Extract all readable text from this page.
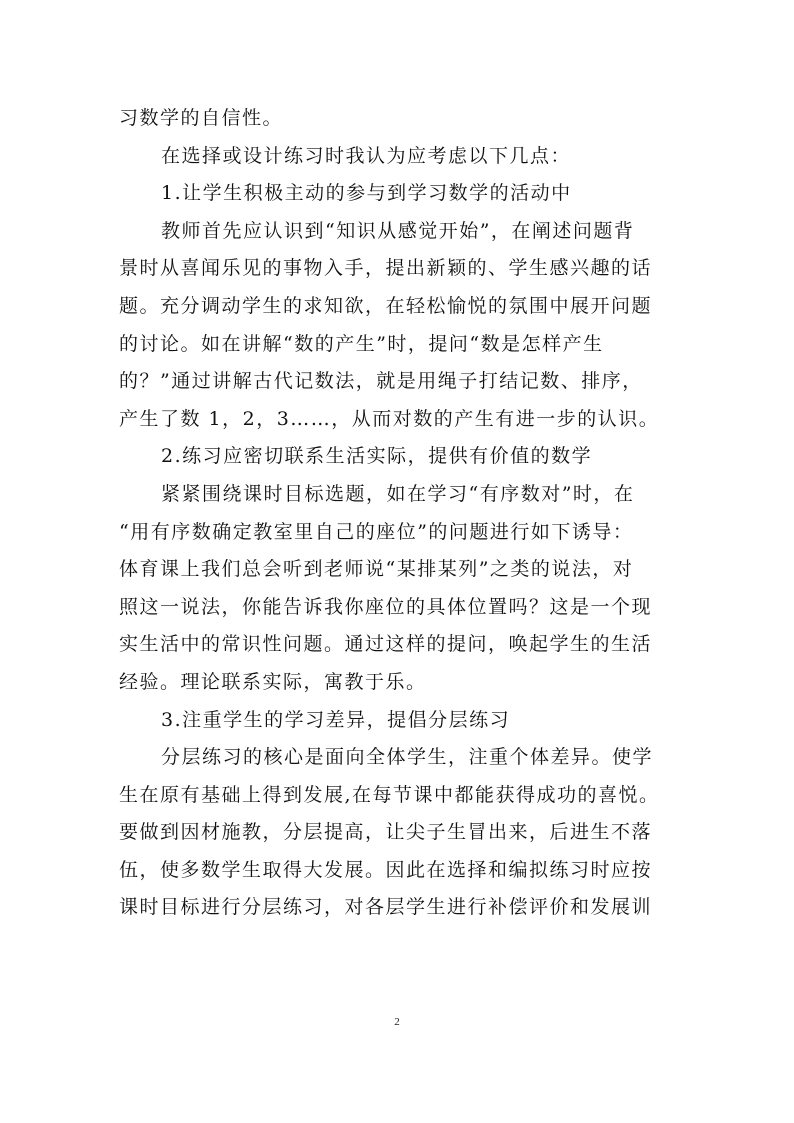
习数学的自信性。
在选择或设计练习时我认为应考虑以下几点：
1.让学生积极主动的参与到学习数学的活动中
教师首先应认识到“知识从感觉开始”，在阐述问题背
景时从喜闻乐见的事物入手，提出新颖的、学生感兴趣的话
题。充分调动学生的求知欲，在轻松愉悦的氛围中展开问题
的讨论。如在讲解“数的产生”时，提问“数是怎样产生
的？”通过讲解古代记数法，就是用绳子打结记数、排序，
产生了数 1，2，3……，从而对数的产生有进一步的认识。
2.练习应密切联系生活实际，提供有价值的数学
紧紧围绕课时目标选题，如在学习“有序数对”时，在
“用有序数确定教室里自己的座位”的问题进行如下诱导：
体育课上我们总会听到老师说“某排某列”之类的说法，对
照这一说法，你能告诉我你座位的具体位置吗？这是一个现
实生活中的常识性问题。通过这样的提问，唤起学生的生活
经验。理论联系实际，寓教于乐。
3.注重学生的学习差异，提倡分层练习
分层练习的核心是面向全体学生，注重个体差异。使学
生在原有基础上得到发展,在每节课中都能获得成功的喜悦。
要做到因材施教，分层提高，让尖子生冒出来，后进生不落
伍，使多数学生取得大发展。因此在选择和编拟练习时应按
课时目标进行分层练习，对各层学生进行补偿评价和发展训
2
